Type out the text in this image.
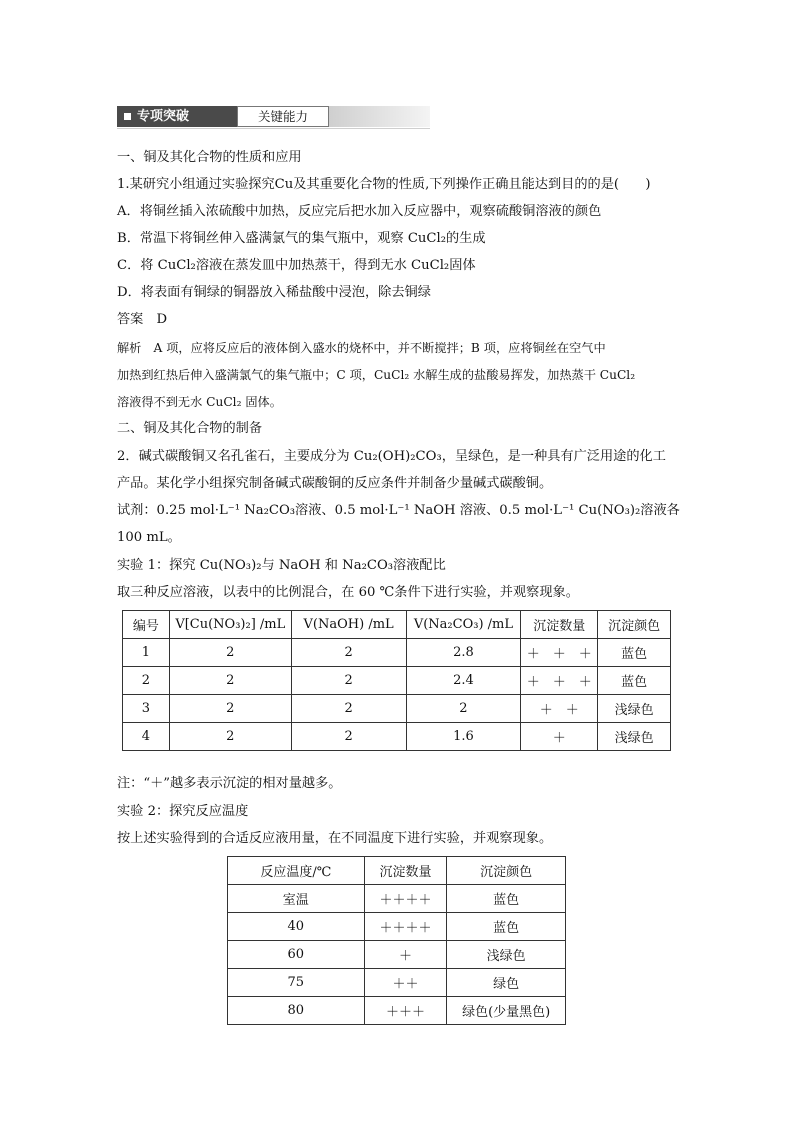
专项突破	关键能力
一、铜及其化合物的性质和应用
1.某研究小组通过实验探究Cu及其重要化合物的性质,下列操作正确且能达到目的的是(　　)
A．将铜丝插入浓硫酸中加热，反应完后把水加入反应器中，观察硫酸铜溶液的颜色
B．常温下将铜丝伸入盛满氯气的集气瓶中，观察 CuCl₂的生成
C．将 CuCl₂溶液在蒸发皿中加热蒸干，得到无水 CuCl₂固体
D．将表面有铜绿的铜器放入稀盐酸中浸泡，除去铜绿
答案　D
解析　A 项，应将反应后的液体倒入盛水的烧杯中，并不断搅拌；B 项，应将铜丝在空气中
加热到红热后伸入盛满氯气的集气瓶中；C 项，CuCl₂ 水解生成的盐酸易挥发，加热蒸干 CuCl₂
溶液得不到无水 CuCl₂ 固体。
二、铜及其化合物的制备
2．碱式碳酸铜又名孔雀石，主要成分为 Cu₂(OH)₂CO₃，呈绿色，是一种具有广泛用途的化工
产品。某化学小组探究制备碱式碳酸铜的反应条件并制备少量碱式碳酸铜。
试剂：0.25 mol·L⁻¹ Na₂CO₃溶液、0.5 mol·L⁻¹ NaOH 溶液、0.5 mol·L⁻¹ Cu(NO₃)₂溶液各
100 mL。
实验 1：探究 Cu(NO₃)₂与 NaOH 和 Na₂CO₃溶液配比
取三种反应溶液，以表中的比例混合，在 60 ℃条件下进行实验，并观察现象。
编号	V[Cu(NO₃)₂] /mL	V(NaOH) /mL	V(Na₂CO₃) /mL	沉淀数量	沉淀颜色
1	2	2	2.8	＋　＋　＋	蓝色
2	2	2	2.4	＋　＋　＋	蓝色
3	2	2	2	＋　＋	浅绿色
4	2	2	1.6	＋	浅绿色
注：“＋”越多表示沉淀的相对量越多。
实验 2：探究反应温度
按上述实验得到的合适反应液用量，在不同温度下进行实验，并观察现象。
反应温度/℃	沉淀数量	沉淀颜色
室温	＋＋＋＋	蓝色
40	＋＋＋＋	蓝色
60	＋	浅绿色
75	＋＋	绿色
80	＋＋＋	绿色(少量黑色)
